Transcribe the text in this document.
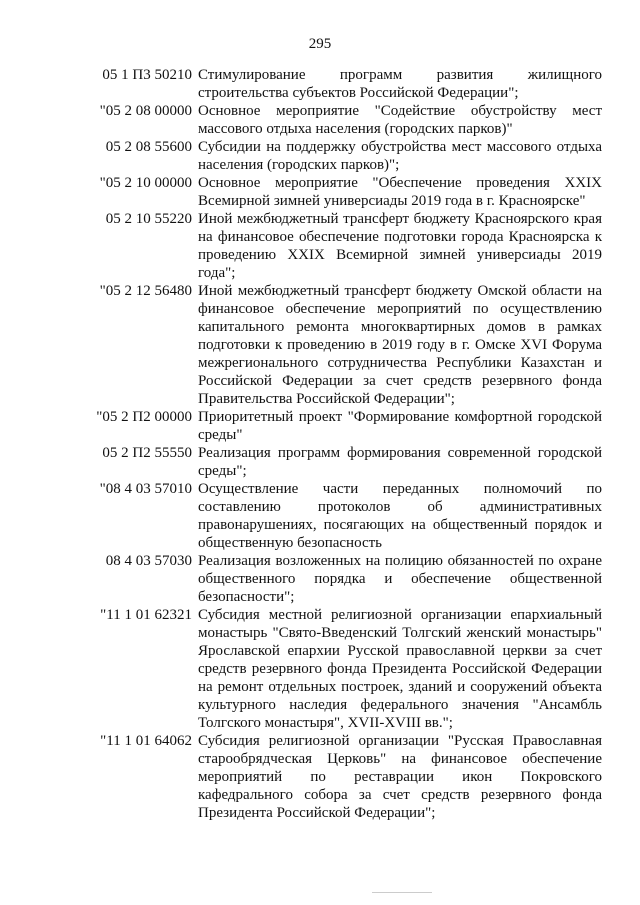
295
05 1 П3 50210 Стимулирование программ развития жилищного строительства субъектов Российской Федерации";
"05 2 08 00000 Основное мероприятие "Содействие обустройству мест массового отдыха населения (городских парков)"
05 2 08 55600 Субсидии на поддержку обустройства мест массового отдыха населения (городских парков)";
"05 2 10 00000 Основное мероприятие "Обеспечение проведения XXIX Всемирной зимней универсиады 2019 года в г. Красноярске"
05 2 10 55220 Иной межбюджетный трансферт бюджету Красноярского края на финансовое обеспечение подготовки города Красноярска к проведению XXIX Всемирной зимней универсиады 2019 года";
"05 2 12 56480 Иной межбюджетный трансферт бюджету Омской области на финансовое обеспечение мероприятий по осуществлению капитального ремонта многоквартирных домов в рамках подготовки к проведению в 2019 году в г. Омске XVI Форума межрегионального сотрудничества Республики Казахстан и Российской Федерации за счет средств резервного фонда Правительства Российской Федерации";
"05 2 П2 00000 Приоритетный проект "Формирование комфортной городской среды"
05 2 П2 55550 Реализация программ формирования современной городской среды";
"08 4 03 57010 Осуществление части переданных полномочий по составлению протоколов об административных правонарушениях, посягающих на общественный порядок и общественную безопасность
08 4 03 57030 Реализация возложенных на полицию обязанностей по охране общественного порядка и обеспечение общественной безопасности";
"11 1 01 62321 Субсидия местной религиозной организации епархиальный монастырь "Свято-Введенский Толгский женский монастырь" Ярославской епархии Русской православной церкви за счет средств резервного фонда Президента Российской Федерации на ремонт отдельных построек, зданий и сооружений объекта культурного наследия федерального значения "Ансамбль Толгского монастыря", XVII-XVIII вв.";
"11 1 01 64062 Субсидия религиозной организации "Русская Православная старообрядческая Церковь" на финансовое обеспечение мероприятий по реставрации икон Покровского кафедрального собора за счет средств резервного фонда Президента Российской Федерации";
